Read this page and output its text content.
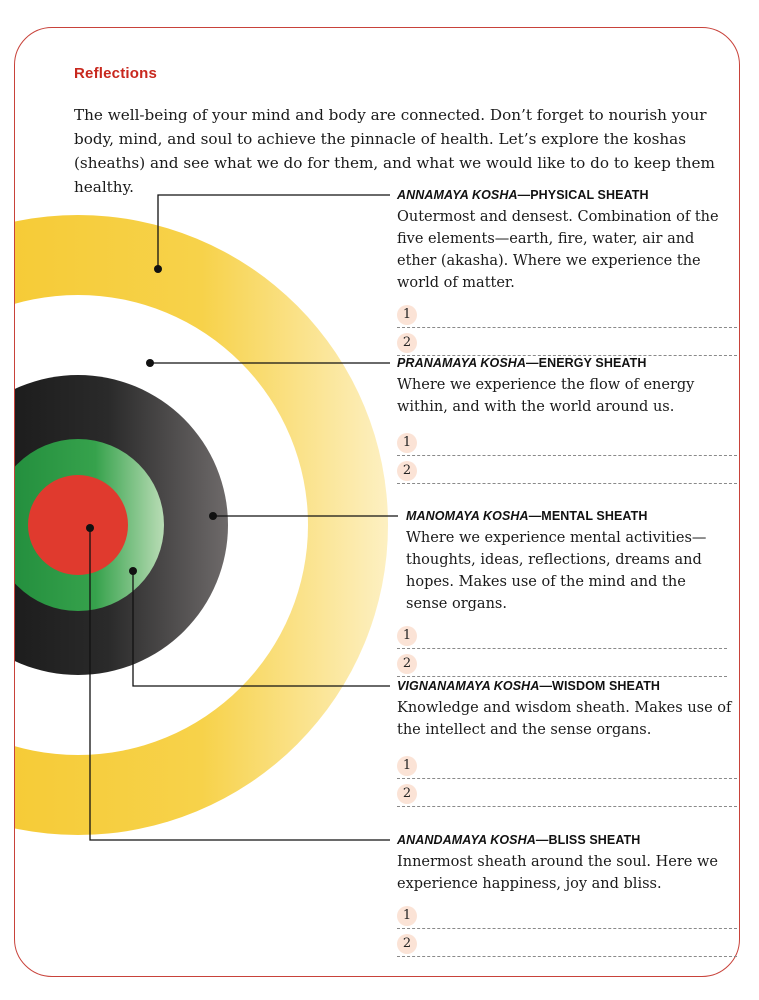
Reflections

The well-being of your mind and body are connected. Don’t forget to nourish your body, mind, and soul to achieve the pinnacle of health. Let’s explore the koshas (sheaths) and see what we do for them, and what we would like to do to keep them healthy.	ANNAMAYA KOSHA—PHYSICAL SHEATH
Outermost and densest. Combination of the five elements—earth, fire, water, air and ether (akasha). Where we experience the world of matter.
1
2
PRANAMAYA KOSHA—ENERGY SHEATH
Where we experience the flow of energy within, and with the world around us.
1
2
MANOMAYA KOSHA—MENTAL SHEATH
Where we experience mental activities—thoughts, ideas, reflections, dreams and hopes. Makes use of the mind and the sense organs.
1
2
VIGNANAMAYA KOSHA—WISDOM SHEATH
Knowledge and wisdom sheath. Makes use of the intellect and the sense organs.
1
2
ANANDAMAYA KOSHA—BLISS SHEATH
Innermost sheath around the soul. Here we experience happiness, joy and bliss.
1
2
